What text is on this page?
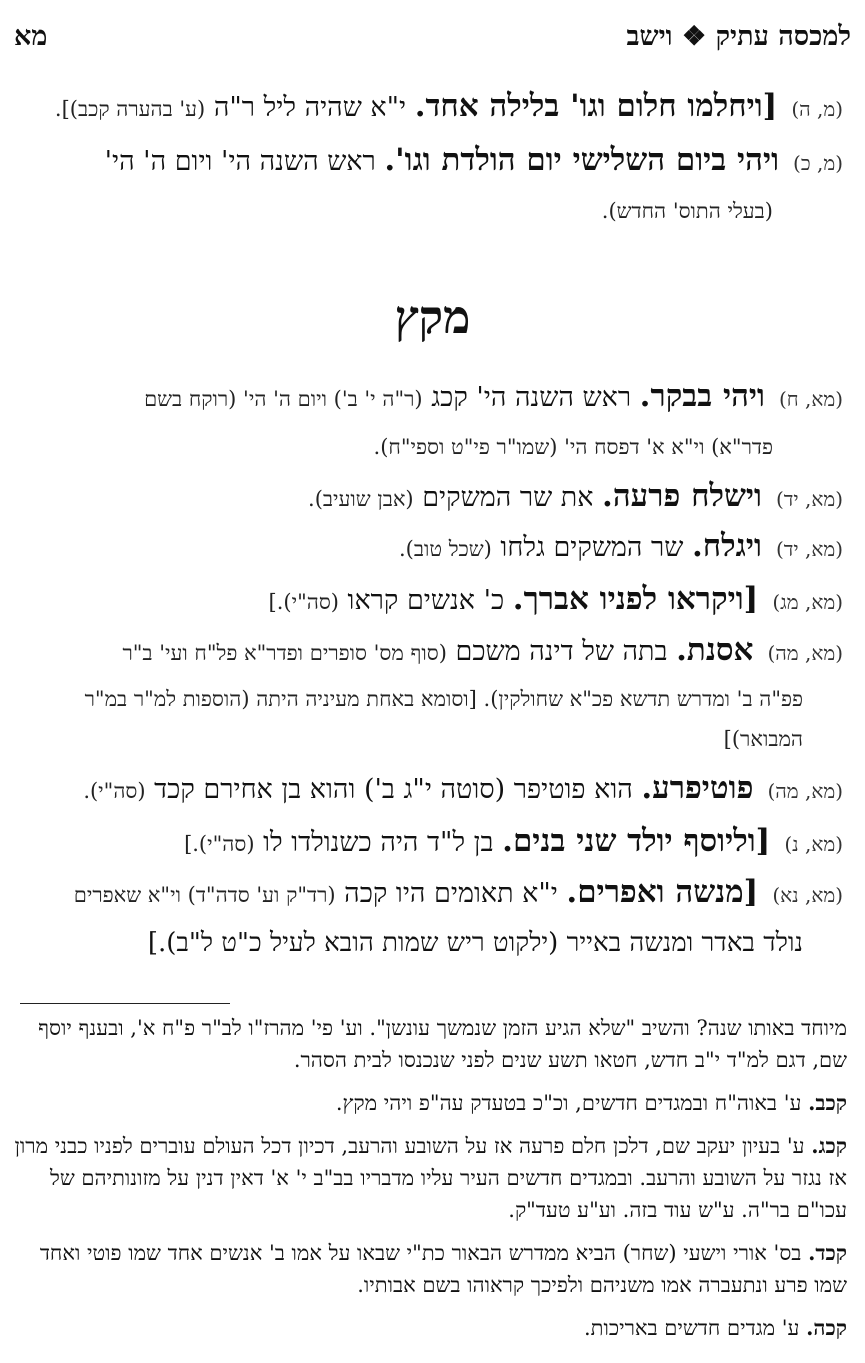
למכסה עתיק ❖ וישב
מא
(מ, ה)[ויחלמו חלום וגו' בלילה אחד. י"א שהיה ליל ר"ה (ע' בהערה קכב)].
(מ, כ)ויהי ביום השלישי יום הולדת וגו'. ראש השנה הי' ויום ה' הי'
(בעלי התוס' החדש).
מקץ
(מא, ח)ויהי בבקר. ראש השנה הי' קכג (ר"ה י' ב') ויום ה' הי' (רוקח בשם
פדר"א) וי"א א' דפסח הי' (שמו"ר פי"ט וספי"ח).
(מא, יד)וישלח פרעה. את שר המשקים (אבן שועיב).
(מא, יד)ויגלח. שר המשקים גלחו (שכל טוב).
(מא, מג)[ויקראו לפניו אברך. כ' אנשים קראו (סה"י).]
(מא, מה)אסנת. בתה של דינה משכם (סוף מס' סופרים ופדר"א פל"ח ועי' ב"ר
פפ"ה ב' ומדרש תדשא פכ"א שחולקין). [וסומא באחת מעיניה היתה (הוספות למ"ר במ"ר המבואר)]
(מא, מה)פוטיפרע. הוא פוטיפר (סוטה י"ג ב') והוא בן אחירם קכד (סה"י).
(מא, נ)[וליוסף יולד שני בנים. בן ל"ד היה כשנולדו לו (סה"י).]
(מא, נא)[מנשה ואפרים. י"א תאומים היו קכה (רד"ק וע' סדה"ד) וי"א שאפרים
נולד באדר ומנשה באייר (ילקוט ריש שמות הובא לעיל כ"ט ל"ב).]

מיוחד באותו שנה? והשיב "שלא הגיע הזמן שנמשך עונשן". וע' פי' מהרז"ו לב"ר פ"ח א', ובענף יוסף שם, דגם למ"ד י"ב חדש, חטאו תשע שנים לפני שנכנסו לבית הסהר.

קכב. ע' באוה"ח ובמגדים חדשים, וכ"כ בטעדק עה"פ ויהי מקץ.

קכג. ע' בעיון יעקב שם, דלכן חלם פרעה אז על השובע והרעב, דכיון דכל העולם עוברים לפניו כבני מרון אז נגזר על השובע והרעב. ובמגדים חדשים העיר עליו מדבריו בב"ב י' א' דאין דנין על מזונותיהם של עכו"ם בר"ה. ע"ש עוד בזה. וע"ע טעד"ק.

קכד. בס' אורי וישעי (שחר) הביא ממדרש הבאור כת"י שבאו על אמו ב' אנשים אחד שמו פוטי ואחד שמו פרע ונתעברה אמו משניהם ולפיכך קראוהו בשם אבותיו.

קכה. ע' מגדים חדשים באריכות.
